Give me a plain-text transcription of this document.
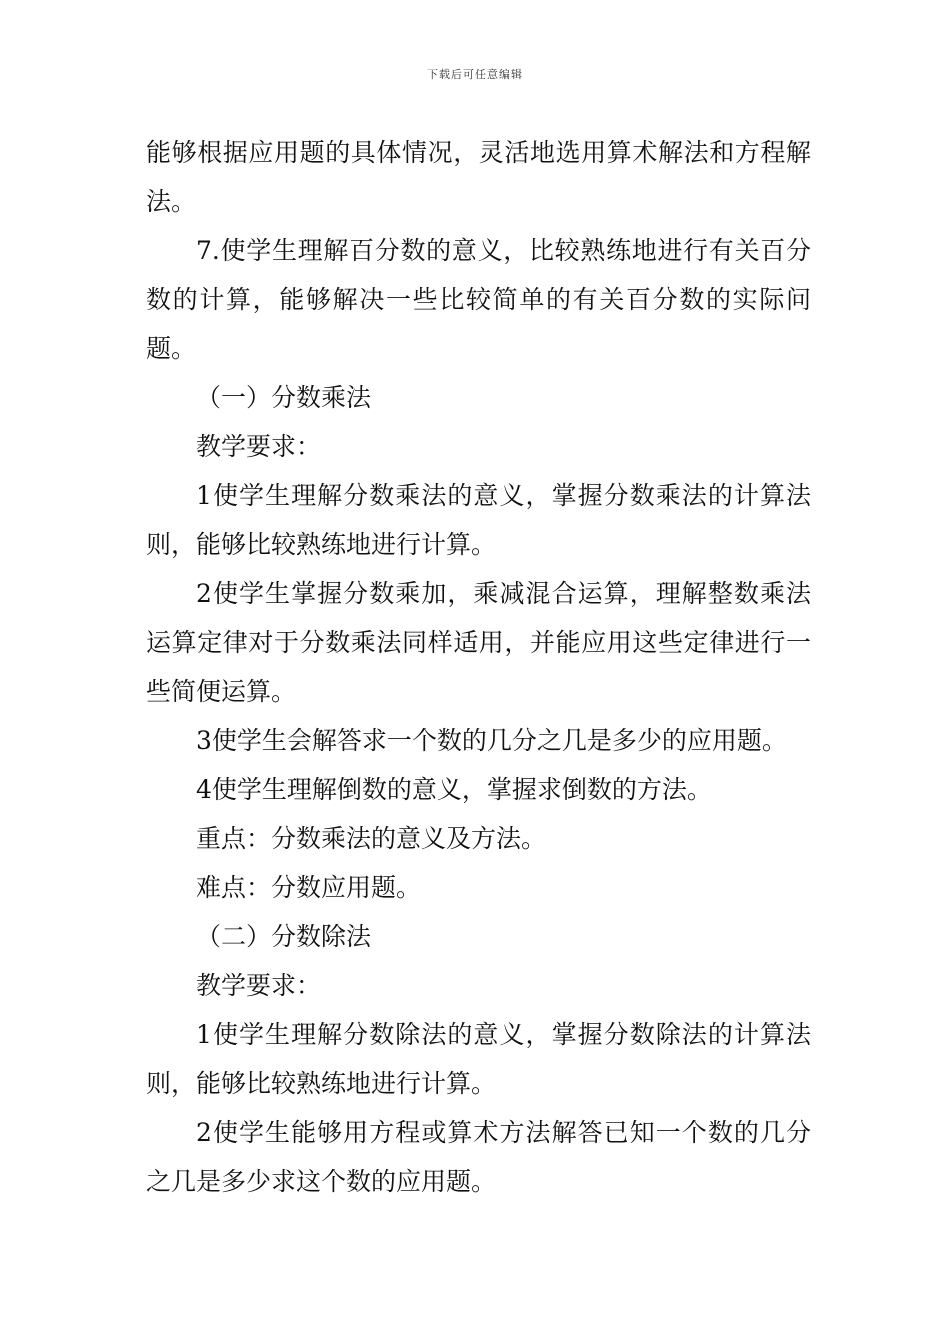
下载后可任意编辑

能够根据应用题的具体情况，灵活地选用算术解法和方程解法。

7.使学生理解百分数的意义，比较熟练地进行有关百分数的计算，能够解决一些比较简单的有关百分数的实际问题。

（一）分数乘法

教学要求：

1使学生理解分数乘法的意义，掌握分数乘法的计算法则，能够比较熟练地进行计算。

2使学生掌握分数乘加，乘减混合运算，理解整数乘法运算定律对于分数乘法同样适用，并能应用这些定律进行一些简便运算。

3使学生会解答求一个数的几分之几是多少的应用题。

4使学生理解倒数的意义，掌握求倒数的方法。

重点：分数乘法的意义及方法。

难点：分数应用题。

（二）分数除法

教学要求：

1使学生理解分数除法的意义，掌握分数除法的计算法则，能够比较熟练地进行计算。

2使学生能够用方程或算术方法解答已知一个数的几分之几是多少求这个数的应用题。
